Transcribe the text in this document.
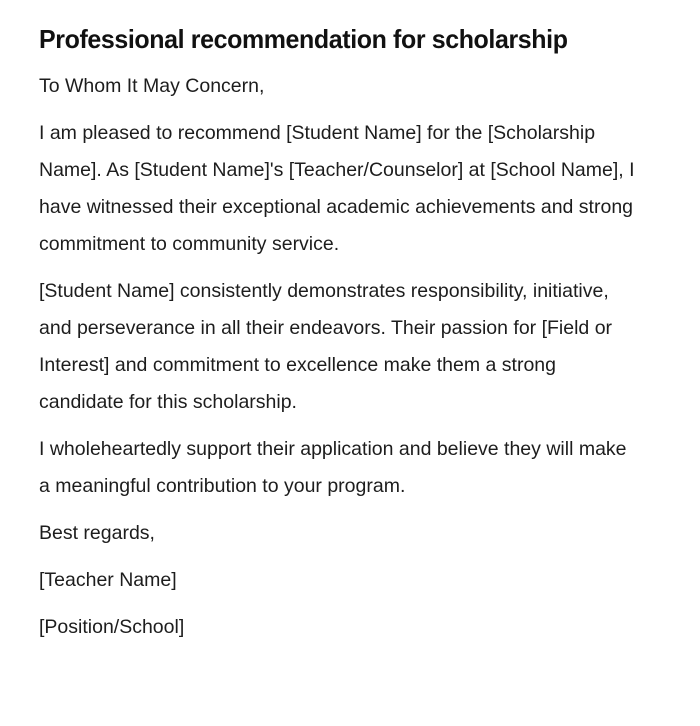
Professional recommendation for scholarship

To Whom It May Concern,

I am pleased to recommend [Student Name] for the [Scholarship Name]. As [Student Name]'s [Teacher/Counselor] at [School Name], I have witnessed their exceptional academic achievements and strong commitment to community service.

[Student Name] consistently demonstrates responsibility, initiative, and perseverance in all their endeavors. Their passion for [Field or Interest] and commitment to excellence make them a strong candidate for this scholarship.

I wholeheartedly support their application and believe they will make a meaningful contribution to your program.

Best regards,

[Teacher Name]

[Position/School]
